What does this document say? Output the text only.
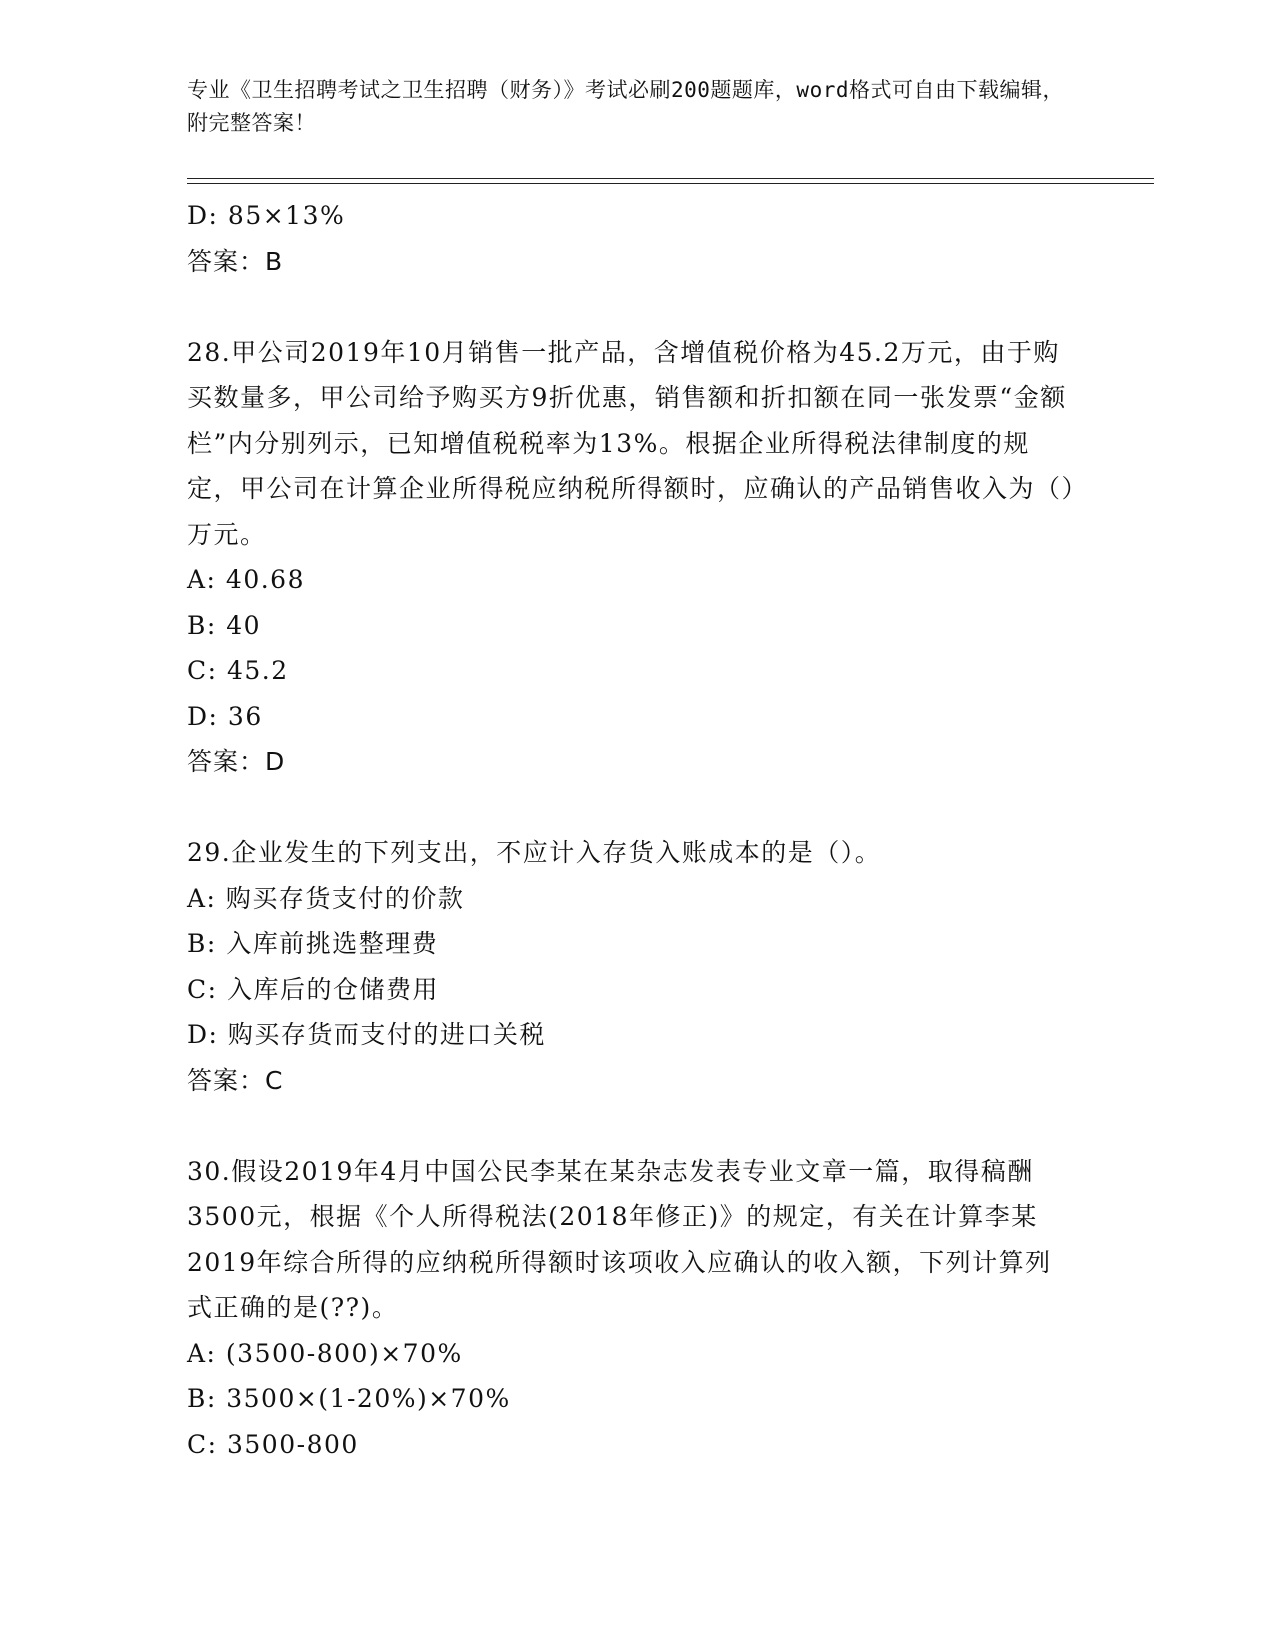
专业《卫生招聘考试之卫生招聘（财务）》考试必刷200题题库，word格式可自由下载编辑，附完整答案！
D: 85×13%
答案：B
28.甲公司2019年10月销售一批产品，含增值税价格为45.2万元，由于购买数量多，甲公司给予购买方9折优惠，销售额和折扣额在同一张发票“金额栏”内分别列示，已知增值税税率为13%。根据企业所得税法律制度的规定，甲公司在计算企业所得税应纳税所得额时，应确认的产品销售收入为（）万元。
A: 40.68
B: 40
C: 45.2
D: 36
答案：D
29.企业发生的下列支出，不应计入存货入账成本的是（）。
A: 购买存货支付的价款
B: 入库前挑选整理费
C: 入库后的仓储费用
D: 购买存货而支付的进口关税
答案：C
30.假设2019年4月中国公民李某在某杂志发表专业文章一篇，取得稿酬3500元，根据《个人所得税法(2018年修正)》的规定，有关在计算李某2019年综合所得的应纳税所得额时该项收入应确认的收入额，下列计算列式正确的是(??)。
A: (3500-800)×70%
B: 3500×(1-20%)×70%
C: 3500-800
